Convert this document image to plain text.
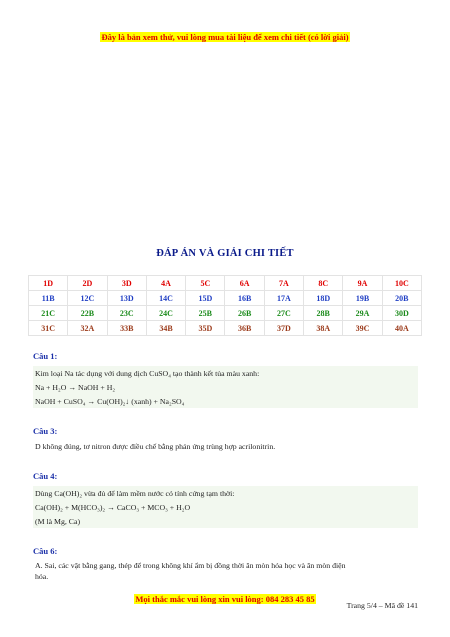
Đây là bản xem thử, vui lòng mua tài liệu để xem chi tiết (có lời giải)
ĐÁP ÁN VÀ GIẢI CHI TIẾT
1D	2D	3D	4A	5C	6A	7A	8C	9A	10C
11B	12C	13D	14C	15D	16B	17A	18D	19B	20B
21C	22B	23C	24C	25B	26B	27C	28B	29A	30D
31C	32A	33B	34B	35D	36B	37D	38A	39C	40A
Câu 1:
Kim loại Na tác dụng với dung dịch CuSO₄ tạo thành kết tủa màu xanh:
Na + H₂O → NaOH + H₂
NaOH + CuSO₄ → Cu(OH)₂↓ (xanh) + Na₂SO₄
Câu 3:
D không đúng, tơ nitron được điều chế bằng phản ứng trùng hợp acrilonitrin.
Câu 4:
Dùng Ca(OH)₂ vừa đủ để làm mềm nước có tính cứng tạm thời:
Ca(OH)₂ + M(HCO₃)₂ → CaCO₃ + MCO₃ + H₂O
(M là Mg, Ca)
Câu 6:
A. Sai, các vật bằng gang, thép để trong không khí ẩm bị đồng thời ăn mòn hóa học và ăn mòn điện
hóa.
Mọi thắc mắc vui lòng xin vui lòng: 084 283 45 85
Trang 5/4 – Mã đề 141
